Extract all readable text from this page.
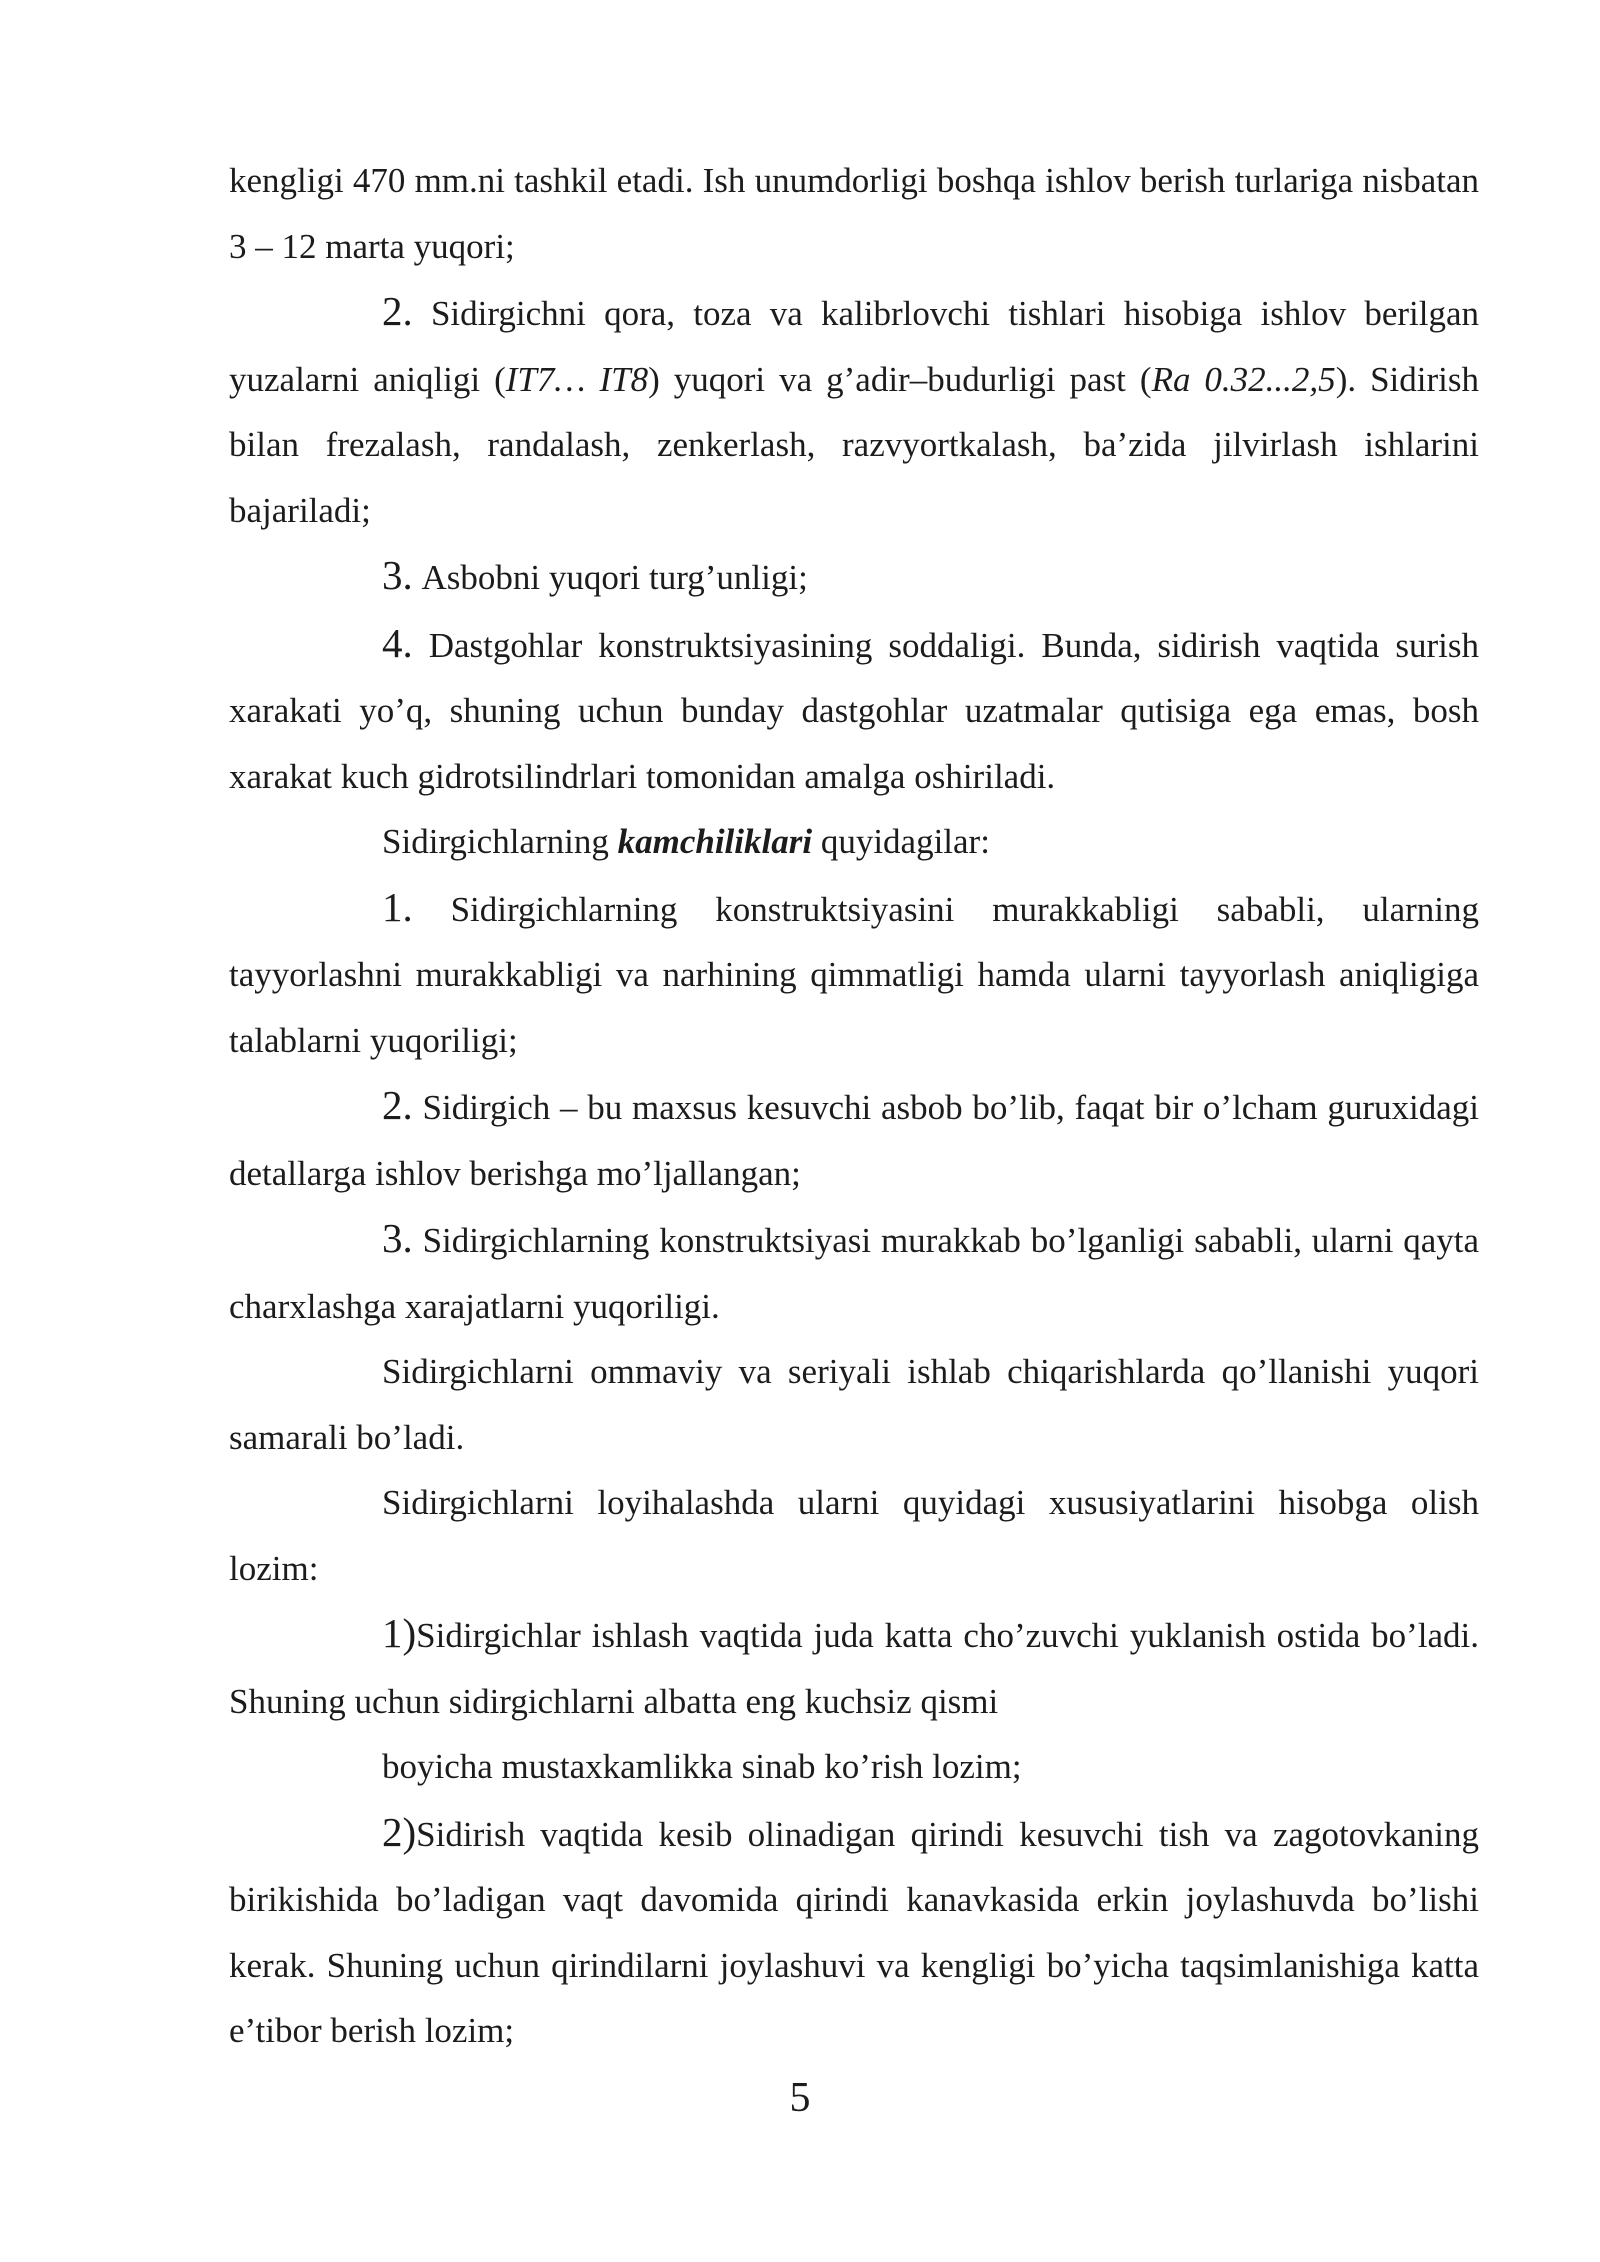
kengligi 470 mm.ni tashkil etadi. Ish unumdorligi boshqa ishlov berish turlariga nisbatan 3 – 12 marta yuqori;

2. Sidirgichni qora, toza va kalibrlovchi tishlari hisobiga ishlov berilgan yuzalarni aniqligi (IT7… IT8) yuqori va g’adir–budurligi past (Ra 0.32...2,5). Sidirish bilan frezalash, randalash, zenkerlash, razvyortkalash, ba’zida jilvirlash ishlarini bajariladi;

3. Asbobni yuqori turg’unligi;

4. Dastgohlar konstruktsiyasining soddaligi. Bunda, sidirish vaqtida surish xarakati yo’q, shuning uchun bunday dastgohlar uzatmalar qutisiga ega emas, bosh xarakat kuch gidrotsilindrlari tomonidan amalga oshiriladi.

Sidirgichlarning kamchiliklari quyidagilar:

1. Sidirgichlarning konstruktsiyasini murakkabligi sababli, ularning tayyorlashni murakkabligi va narhining qimmatligi hamda ularni tayyorlash aniqligiga talablarni yuqoriligi;

2. Sidirgich – bu maxsus kesuvchi asbob bo’lib, faqat bir o’lcham guruxidagi detallarga ishlov berishga mo’ljallangan;

3. Sidirgichlarning konstruktsiyasi murakkab bo’lganligi sababli, ularni qayta charxlashga xarajatlarni yuqoriligi.

Sidirgichlarni ommaviy va seriyali ishlab chiqarishlarda qo’llanishi yuqori samarali bo’ladi.

Sidirgichlarni loyihalashda ularni quyidagi xususiyatlarini hisobga olish lozim:

1)Sidirgichlar ishlash vaqtida juda katta cho’zuvchi yuklanish ostida bo’ladi. Shuning uchun sidirgichlarni albatta eng kuchsiz qismi

boyicha mustaxkamlikka sinab ko’rish lozim;

2)Sidirish vaqtida kesib olinadigan qirindi kesuvchi tish va zagotovkaning birikishida bo’ladigan vaqt davomida qirindi kanavkasida erkin joylashuvda bo’lishi kerak. Shuning uchun qirindilarni joylashuvi va kengligi bo’yicha taqsimlanishiga katta e’tibor berish lozim;

5
